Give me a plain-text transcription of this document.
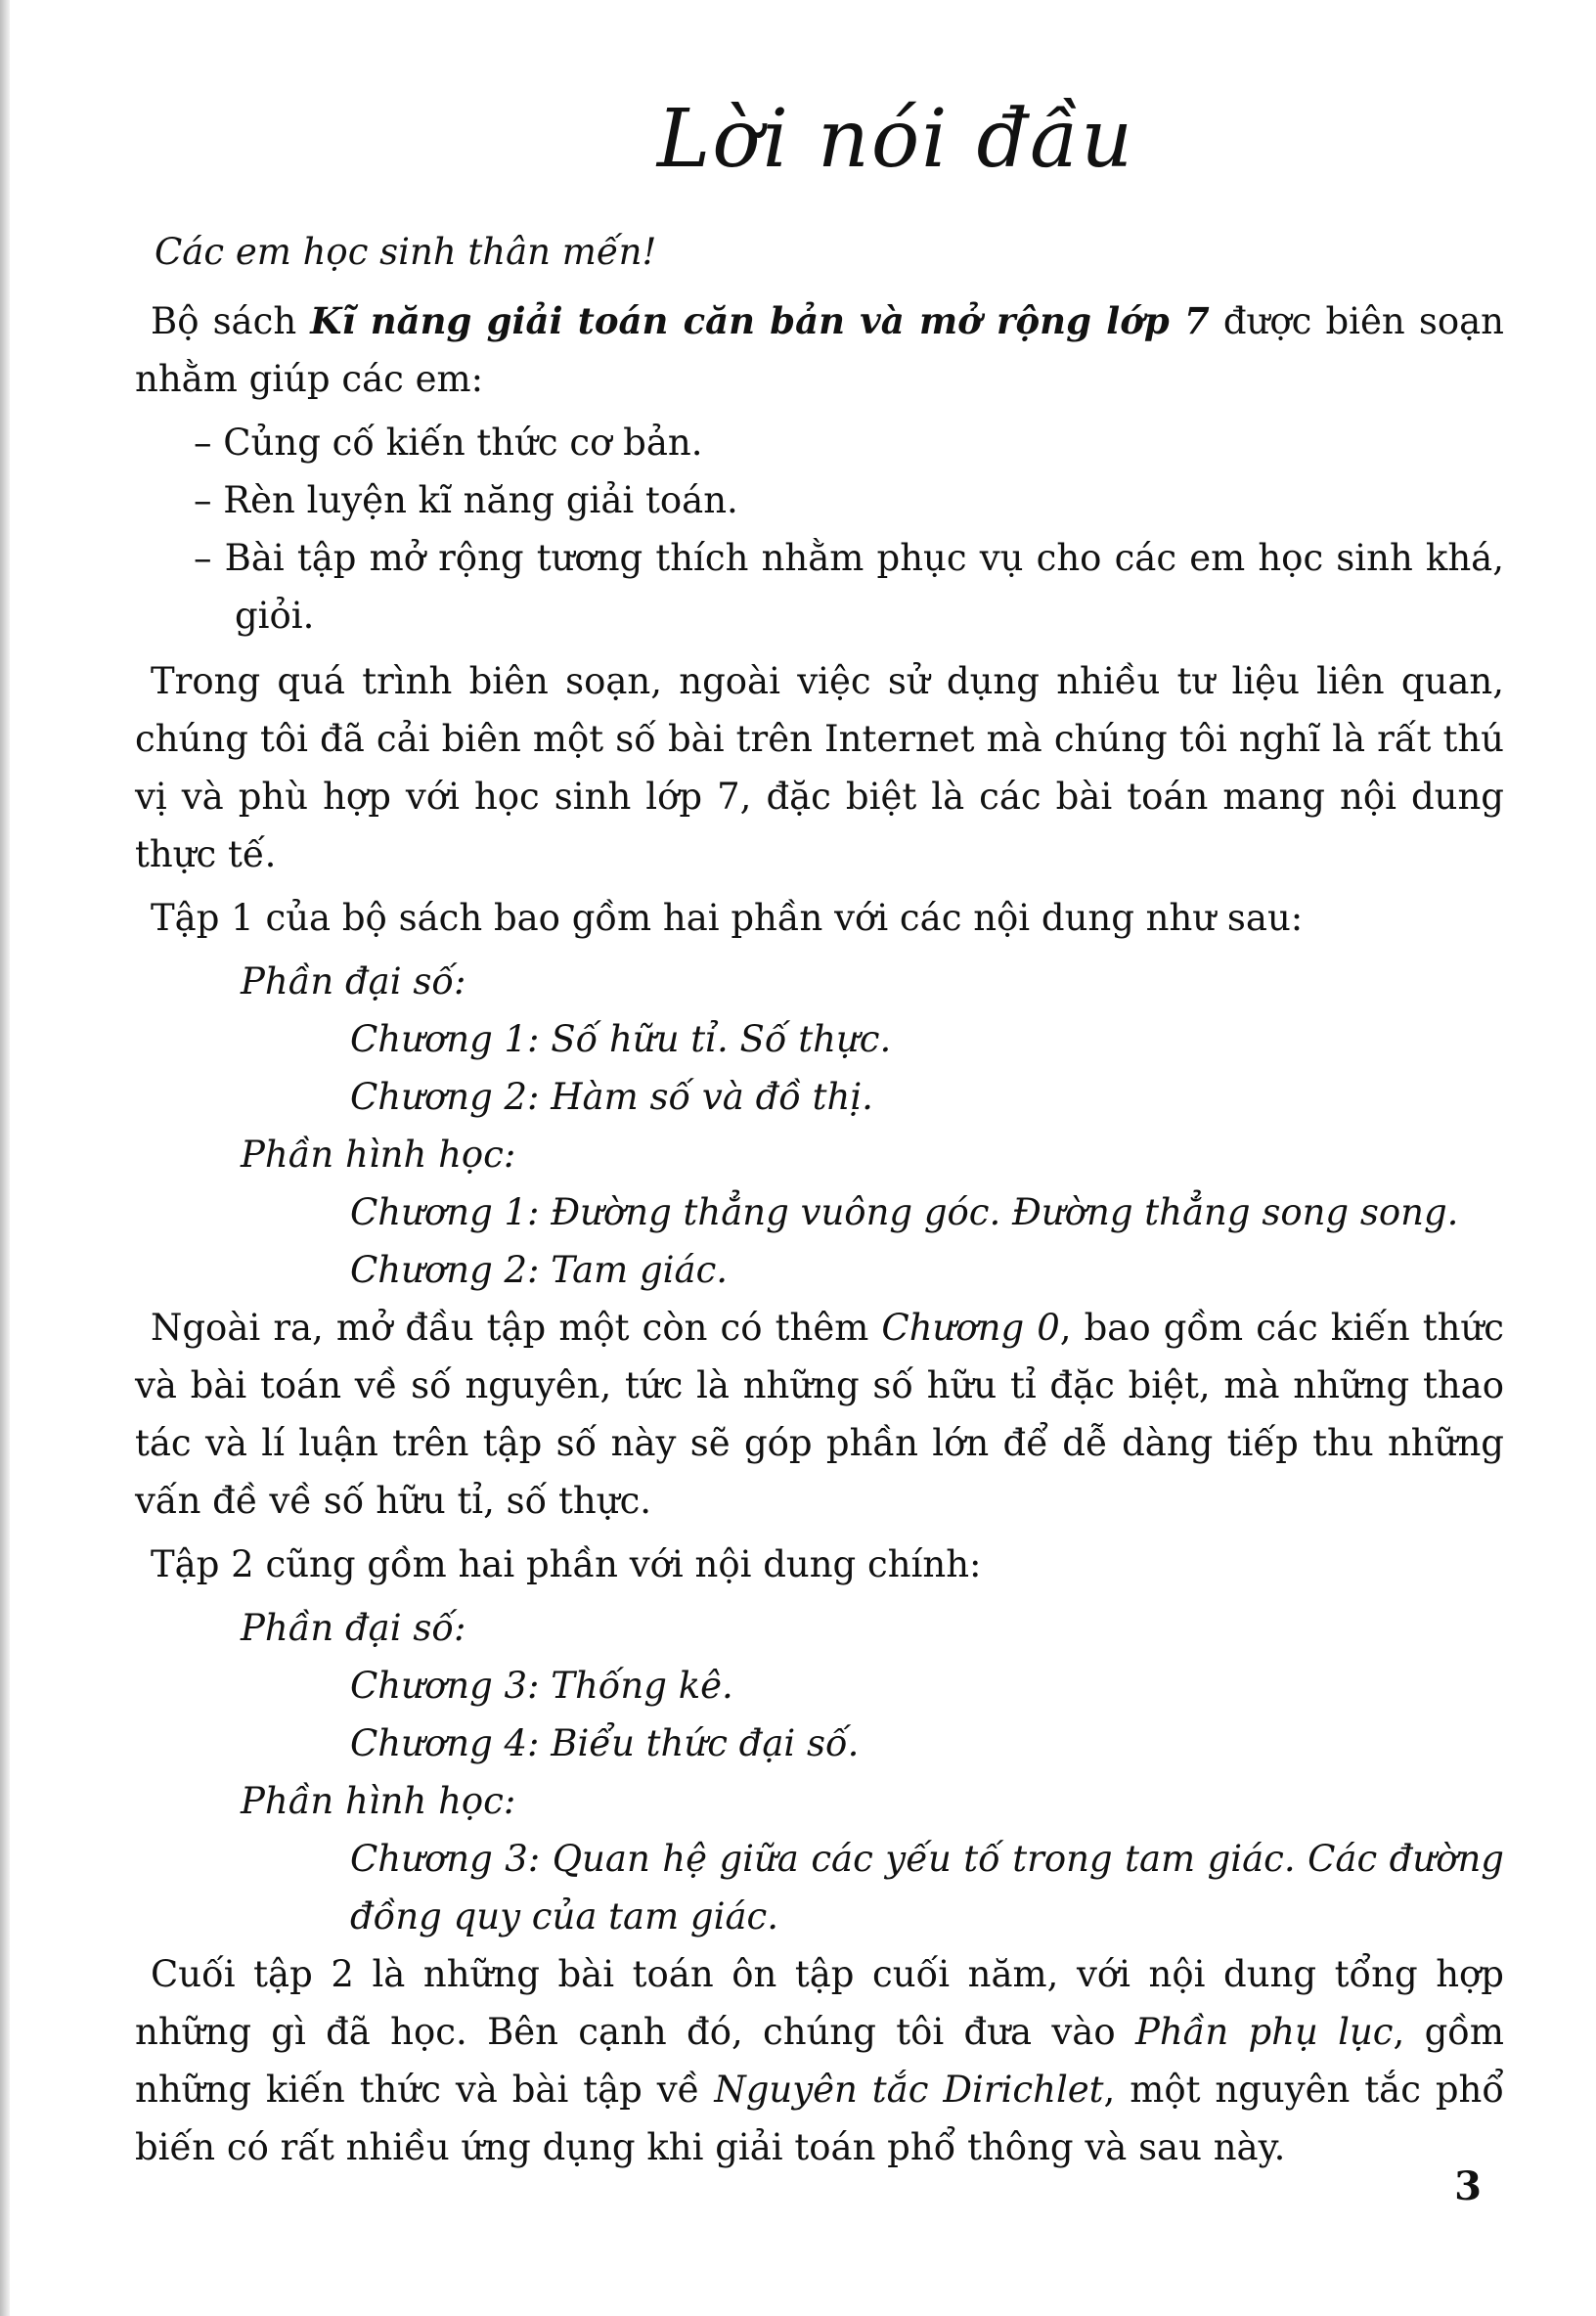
Lời nói đầu

Các em học sinh thân mến!

Bộ sách Kĩ năng giải toán căn bản và mở rộng lớp 7 được biên soạn nhằm giúp các em:

– Củng cố kiến thức cơ bản.

– Rèn luyện kĩ năng giải toán.

– Bài tập mở rộng tương thích nhằm phục vụ cho các em học sinh khá, giỏi.

Trong quá trình biên soạn, ngoài việc sử dụng nhiều tư liệu liên quan, chúng tôi đã cải biên một số bài trên Internet mà chúng tôi nghĩ là rất thú vị và phù hợp với học sinh lớp 7, đặc biệt là các bài toán mang nội dung thực tế.

Tập 1 của bộ sách bao gồm hai phần với các nội dung như sau:

Phần đại số:

Chương 1: Số hữu tỉ. Số thực.

Chương 2: Hàm số và đồ thị.

Phần hình học:

Chương 1: Đường thẳng vuông góc. Đường thẳng song song.

Chương 2: Tam giác.

Ngoài ra, mở đầu tập một còn có thêm Chương 0, bao gồm các kiến thức và bài toán về số nguyên, tức là những số hữu tỉ đặc biệt, mà những thao tác và lí luận trên tập số này sẽ góp phần lớn để dễ dàng tiếp thu những vấn đề về số hữu tỉ, số thực.

Tập 2 cũng gồm hai phần với nội dung chính:

Phần đại số:

Chương 3: Thống kê.

Chương 4: Biểu thức đại số.

Phần hình học:

Chương 3: Quan hệ giữa các yếu tố trong tam giác. Các đường đồng quy của tam giác.

Cuối tập 2 là những bài toán ôn tập cuối năm, với nội dung tổng hợp những gì đã học. Bên cạnh đó, chúng tôi đưa vào Phần phụ lục, gồm những kiến thức và bài tập về Nguyên tắc Dirichlet, một nguyên tắc phổ biến có rất nhiều ứng dụng khi giải toán phổ thông và sau này.

3
